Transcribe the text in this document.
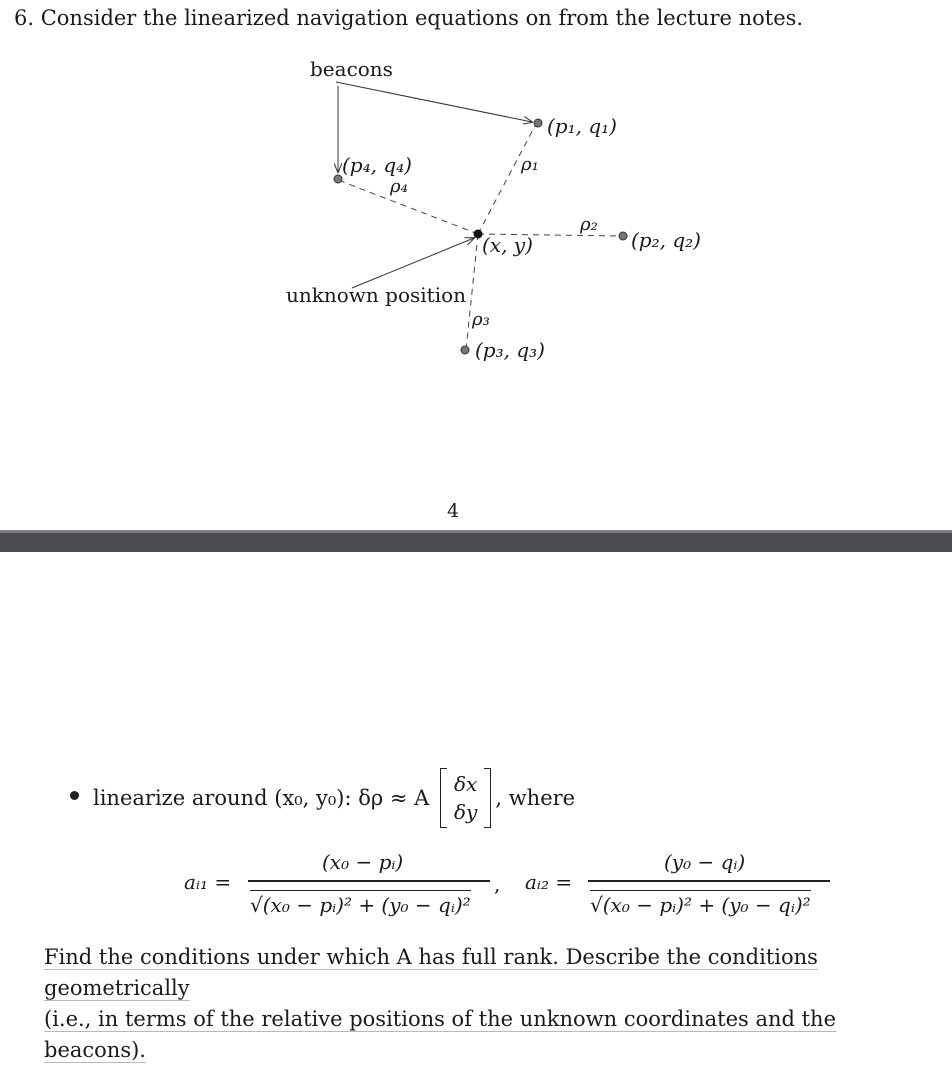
6. Consider the linearized navigation equations on from the lecture notes.
beacons
unknown position
(p₁, q₁)
(p₂, q₂)
(p₃, q₃)
(p₄, q₄)
(x, y)
ρ₁
ρ₂
ρ₃
ρ₄
4
linearize around (x₀, y₀): δρ ≈ A
δx
δy
, where
aᵢ₁ =
(x₀ − pᵢ)
√(x₀ − pᵢ)² + (y₀ − qᵢ)²
, aᵢ₂ =
(y₀ − qᵢ)
√(x₀ − pᵢ)² + (y₀ − qᵢ)²
Find the conditions under which A has full rank. Describe the conditions geometrically
(i.e., in terms of the relative positions of the unknown coordinates and the beacons).
